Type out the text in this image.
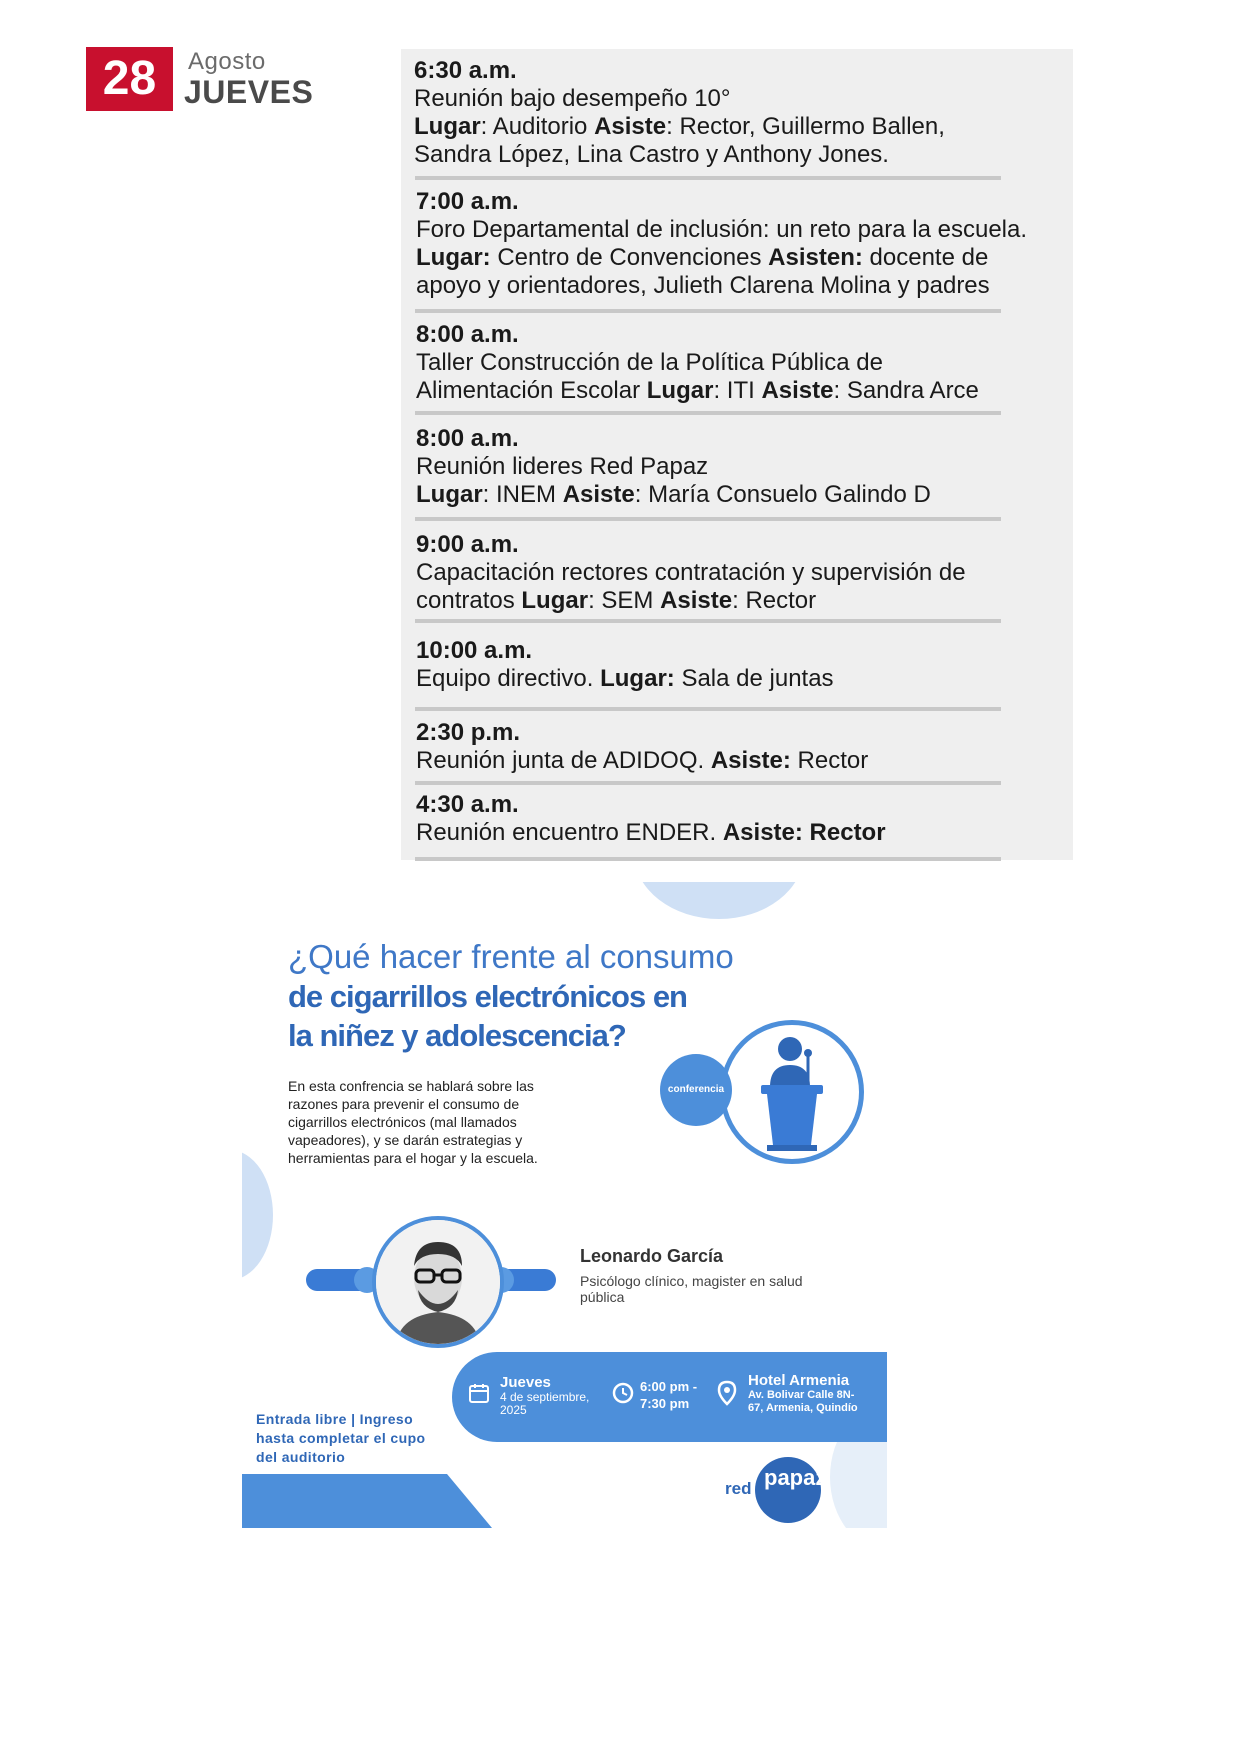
28	Agosto
JUEVES
6:30 a.m.
Reunión bajo desempeño 10°
Lugar: Auditorio Asiste: Rector, Guillermo Ballen,
Sandra López, Lina Castro y Anthony Jones.
7:00 a.m.
Foro Departamental de inclusión: un reto para la escuela.
Lugar: Centro de Convenciones Asisten: docente de
apoyo y orientadores, Julieth Clarena Molina y padres
8:00 a.m.
Taller Construcción de la Política Pública de
Alimentación Escolar Lugar: ITI Asiste: Sandra Arce
8:00 a.m.
Reunión lideres Red Papaz
Lugar: INEM Asiste: María Consuelo Galindo D
9:00 a.m.
Capacitación rectores contratación y supervisión de
contratos Lugar: SEM Asiste: Rector
10:00 a.m.
Equipo directivo. Lugar: Sala de juntas
2:30 p.m.
Reunión junta de ADIDOQ. Asiste: Rector
4:30 a.m.
Reunión encuentro ENDER. Asiste: Rector
¿Qué hacer frente al consumo
de cigarrillos electrónicos en
la niñez y adolescencia?
En esta confrencia se hablará sobre las razones para prevenir el consumo de cigarrillos electrónicos (mal llamados vapeadores), y se darán estrategias y herramientas para el hogar y la escuela.
conferencia
Leonardo García
Psicólogo clínico, magister en salud pública
Jueves
4 de septiembre, 2025
6:00 pm - 7:30 pm
Hotel Armenia
Av. Bolivar Calle 8N-67, Armenia, Quindío
Entrada libre | Ingreso hasta completar el cupo del auditorio
red papaz
